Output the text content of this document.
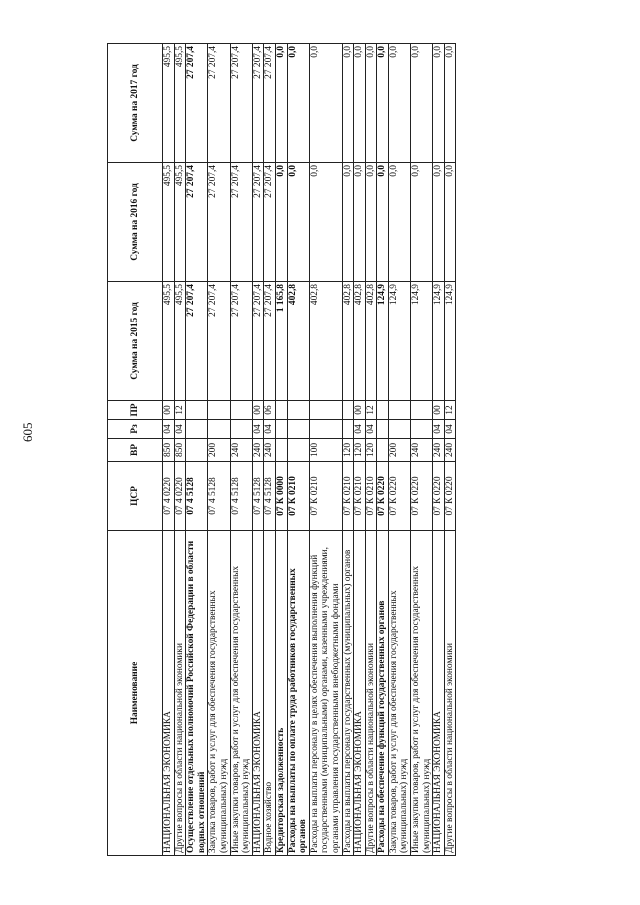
605
Наименование	ЦСР	ВР	Рз	ПР	Сумма на 2015 год	Сумма на 2016 год	Сумма на 2017 год
НАЦИОНАЛЬНАЯ ЭКОНОМИКА	07 4 0220	850	04	00	495,5	495,5	495,5
Другие вопросы в области национальной экономики	07 4 0220	850	04	12	495,5	495,5	495,5
Осуществление отдельных полномочий Российской Федерации в области водных отношений	07 4 5128				27 207,4	27 207,4	27 207,4
Закупка товаров, работ и услуг для обеспечения государственных (муниципальных) нужд	07 4 5128	200			27 207,4	27 207,4	27 207,4
Иные закупки товаров, работ и услуг для обеспечения государственных (муниципальных) нужд	07 4 5128	240			27 207,4	27 207,4	27 207,4
НАЦИОНАЛЬНАЯ ЭКОНОМИКА	07 4 5128	240	04	00	27 207,4	27 207,4	27 207,4
Водное хозяйство	07 4 5128	240	04	06	27 207,4	27 207,4	27 207,4
Кредиторская задолженность	07 К 0000				1 165,8	0,0	0,0
Расходы на выплаты по оплате труда работников государственных органов	07 К 0210				402,8	0,0	0,0
Расходы на выплаты персоналу в целях обеспечения выполнения функций государственными (муниципальными) органами, казенными учреждениями, органами управления государственными внебюджетными фондами	07 К 0210	100			402,8	0,0	0,0
Расходы на выплаты персоналу государственных (муниципальных) органов	07 К 0210	120			402,8	0,0	0,0
НАЦИОНАЛЬНАЯ ЭКОНОМИКА	07 К 0210	120	04	00	402,8	0,0	0,0
Другие вопросы в области национальной экономики	07 К 0210	120	04	12	402,8	0,0	0,0
Расходы на обеспечение функций государственных органов	07 К 0220				124,9	0,0	0,0
Закупка товаров, работ и услуг для обеспечения государственных (муниципальных) нужд	07 К 0220	200			124,9	0,0	0,0
Иные закупки товаров, работ и услуг для обеспечения государственных (муниципальных) нужд	07 К 0220	240			124,9	0,0	0,0
НАЦИОНАЛЬНАЯ ЭКОНОМИКА	07 К 0220	240	04	00	124,9	0,0	0,0
Другие вопросы в области национальной экономики	07 К 0220	240	04	12	124,9	0,0	0,0
